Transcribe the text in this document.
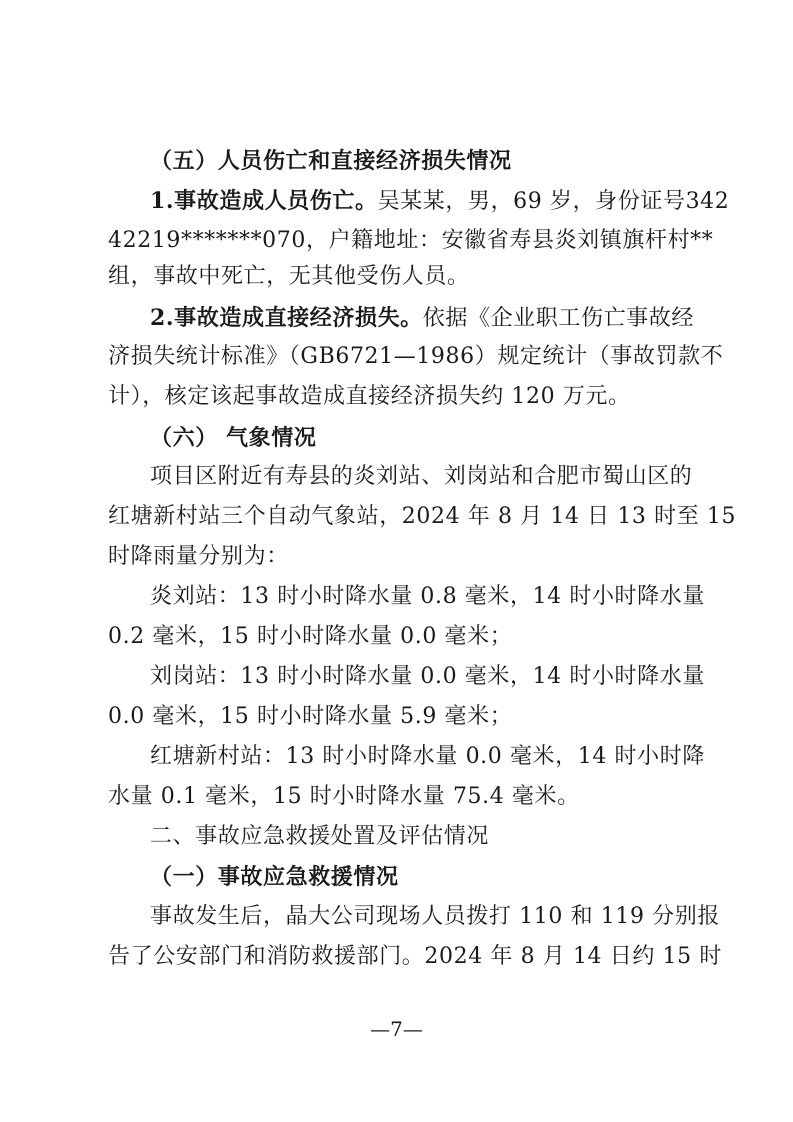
（五）人员伤亡和直接经济损失情况
1.事故造成人员伤亡。吴某某，男，69 岁，身份证号342
42219*******070，户籍地址：安徽省寿县炎刘镇旗杆村**
组，事故中死亡，无其他受伤人员。
2.事故造成直接经济损失。依据《企业职工伤亡事故经
济损失统计标准》（GB6721—1986）规定统计（事故罚款不
计），核定该起事故造成直接经济损失约 120 万元。
（六） 气象情况
项目区附近有寿县的炎刘站、刘岗站和合肥市蜀山区的
红塘新村站三个自动气象站，2024 年 8 月 14 日 13 时至 15
时降雨量分别为：
炎刘站：13 时小时降水量 0.8 毫米，14 时小时降水量
0.2 毫米，15 时小时降水量 0.0 毫米；
刘岗站：13 时小时降水量 0.0 毫米，14 时小时降水量
0.0 毫米，15 时小时降水量 5.9 毫米；
红塘新村站：13 时小时降水量 0.0 毫米，14 时小时降
水量 0.1 毫米，15 时小时降水量 75.4 毫米。
二、事故应急救援处置及评估情况
（一）事故应急救援情况
事故发生后，晶大公司现场人员拨打 110 和 119 分别报
告了公安部门和消防救援部门。2024 年 8 月 14 日约 15 时
—7—
